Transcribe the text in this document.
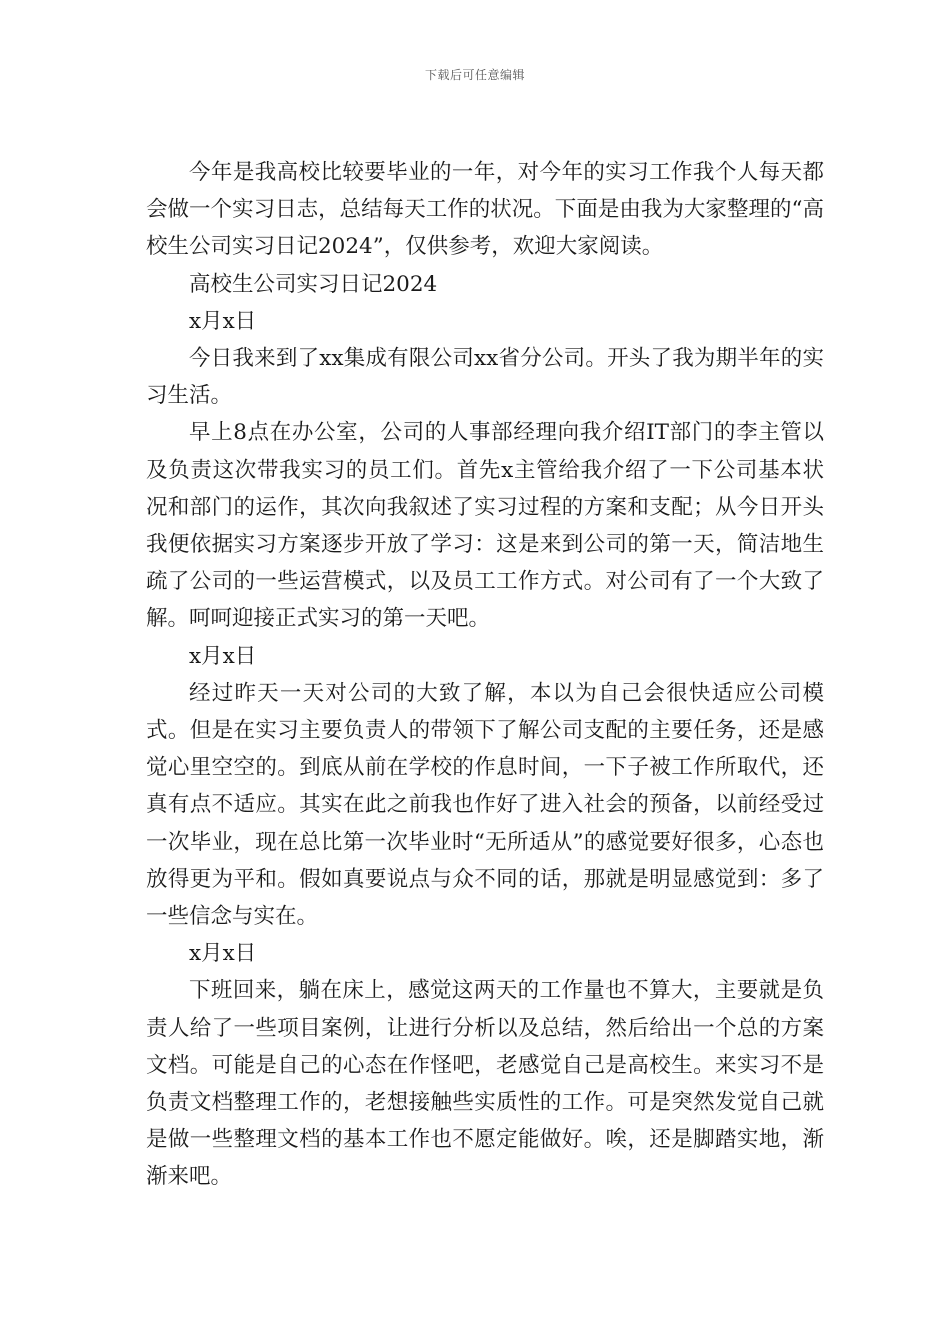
下载后可任意编辑

今年是我高校比较要毕业的一年，对今年的实习工作我个人每天都会做一个实习日志，总结每天工作的状况。下面是由我为大家整理的“高校生公司实习日记2024”，仅供参考，欢迎大家阅读。

高校生公司实习日记2024

x月x日

今日我来到了xx集成有限公司xx省分公司。开头了我为期半年的实习生活。

早上8点在办公室，公司的人事部经理向我介绍IT部门的李主管以及负责这次带我实习的员工们。首先x主管给我介绍了一下公司基本状况和部门的运作，其次向我叙述了实习过程的方案和支配；从今日开头我便依据实习方案逐步开放了学习：这是来到公司的第一天，简洁地生疏了公司的一些运营模式，以及员工工作方式。对公司有了一个大致了解。呵呵迎接正式实习的第一天吧。

x月x日

经过昨天一天对公司的大致了解，本以为自己会很快适应公司模式。但是在实习主要负责人的带领下了解公司支配的主要任务，还是感觉心里空空的。到底从前在学校的作息时间，一下子被工作所取代，还真有点不适应。其实在此之前我也作好了进入社会的预备，以前经受过一次毕业，现在总比第一次毕业时“无所适从”的感觉要好很多，心态也放得更为平和。假如真要说点与众不同的话，那就是明显感觉到：多了一些信念与实在。

x月x日

下班回来，躺在床上，感觉这两天的工作量也不算大，主要就是负责人给了一些项目案例，让进行分析以及总结，然后给出一个总的方案文档。可能是自己的心态在作怪吧，老感觉自己是高校生。来实习不是负责文档整理工作的，老想接触些实质性的工作。可是突然发觉自己就是做一些整理文档的基本工作也不愿定能做好。唉，还是脚踏实地，渐渐来吧。
